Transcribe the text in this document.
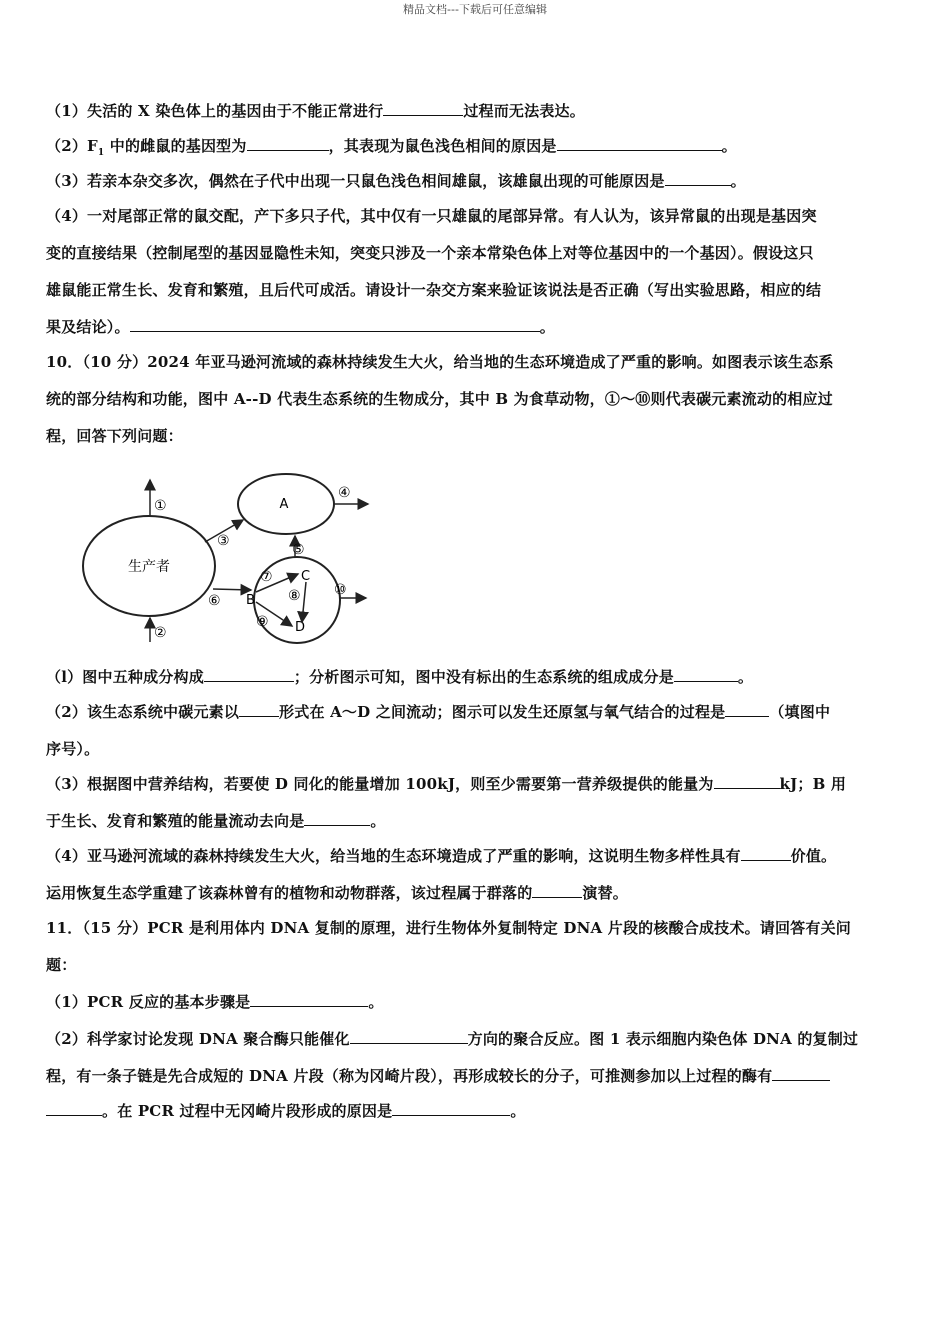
精品文档---下载后可任意编辑
（1）失活的 X 染色体上的基因由于不能正常进行	过程而无法表达。
$(2)F_1$ 中的雌鼠的基因型为	，其表现为鼠色浅色相间的原因是	。
（3）若亲本杂交多次，偶然在子代中出现一只鼠色浅色相间雄鼠，该雄鼠出现的可能原因是	。
（4）一对尾部正常的鼠交配，产下多只子代，其中仅有一只雄鼠的尾部异常。有人认为，该异常鼠的出现是基因突
变的直接结果（控制尾型的基因显隐性未知，突变只涉及一个亲本常染色体上对等位基因中的一个基因）。假设这只
雄鼠能正常生长、发育和繁殖，且后代可成活。请设计一杂交方案来验证该说法是否正确（写出实验思路，相应的结
果及结论）。	。
10．（10 分）2024 年亚马逊河流域的森林持续发生大火，给当地的生态环境造成了严重的影响。如图表示该生态系
统的部分结构和功能，图中 A--D 代表生态系统的生物成分，其中 B 为食草动物，①～⑩则代表碳元素流动的相应过
程，回答下列问题：
（l）图中五种成分构成	；分析图示可知，图中没有标出的生态系统的组成成分是	。
（2）该生态系统中碳元素以	形式在 A～D 之间流动；图示可以发生还原氢与氧气结合的过程是	（填图中
序号）。
（3）根据图中营养结构，若要使 D 同化的能量增加 100kJ，则至少需要第一营养级提供的能量为	kJ；B 用
于生长、发育和繁殖的能量流动去向是	。
（4）亚马逊河流域的森林持续发生大火，给当地的生态环境造成了严重的影响，这说明生物多样性具有	价值。
运用恢复生态学重建了该森林曾有的植物和动物群落，该过程属于群落的	演替。
11．（15 分）PCR 是利用体内 DNA 复制的原理，进行生物体外复制特定 DNA 片段的核酸合成技术。请回答有关问
题：
（1）PCR 反应的基本步骤是	。
（2）科学家讨论发现 DNA 聚合酶只能催化	方向的聚合反应。图 1 表示细胞内染色体 DNA 的复制过
程，有一条子链是先合成短的 DNA 片段（称为冈崎片段），再形成较长的分子，可推测参加以上过程的酶有
。在 PCR 过程中无冈崎片段形成的原因是	。
生产者
A
B
C
D
①
②
③
④
⑤
⑥
⑦
⑧
⑨
⑩
